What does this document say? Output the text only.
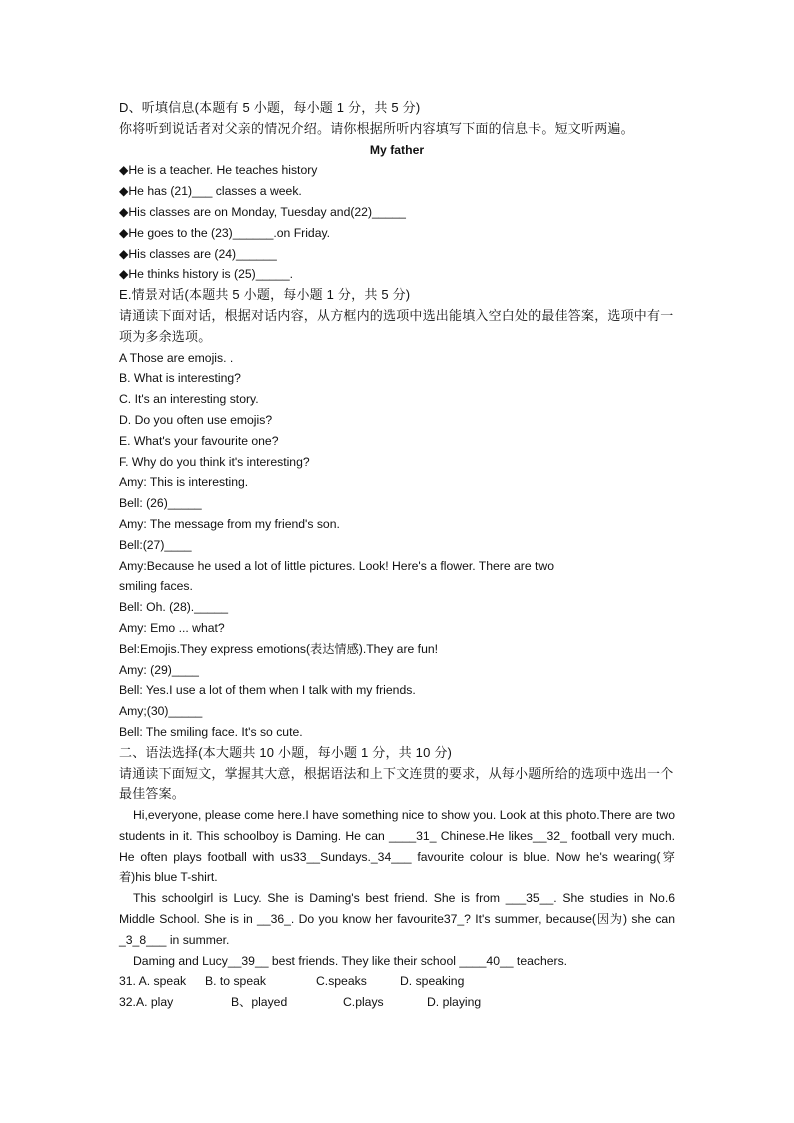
D、听填信息(本题有 5 小题，每小题 1 分，共 5 分)
你将听到说话者对父亲的情况介绍。请你根据所听内容填写下面的信息卡。短文听两遍。
My father
◆He is a teacher. He teaches history
◆He has (21)___ classes a week.
◆His classes are on Monday, Tuesday and(22)_____
◆He goes to the (23)______.on Friday.
◆His classes are (24)______
◆He thinks history is (25)_____.
E.情景对话(本题共 5 小题，每小题 1 分，共 5 分)
请通读下面对话，根据对话内容，从方框内的选项中选出能填入空白处的最佳答案，选项中有一项为多余选项。
A Those are emojis. .
B. What is interesting?
C. It's an interesting story.
D. Do you often use emojis?
E. What's your favourite one?
F. Why do you think it's interesting?
Amy: This is interesting.
Bell: (26)_____
Amy: The message from my friend's son.
Bell:(27)____
Amy:Because he used a lot of little pictures. Look! Here's a flower. There are two
smiling faces.
Bell: Oh. (28)._____
Amy: Emo ... what?
Bel:Emojis.They express emotions(表达情感).They are fun!
Amy: (29)____
Bell: Yes.I use a lot of them when I talk with my friends.
Amy;(30)_____
Bell: The smiling face. It's so cute.
二、语法选择(本大题共 10 小题，每小题 1 分，共 10 分)
请通读下面短文，掌握其大意，根据语法和上下文连贯的要求，从每小题所给的选项中选出一个最佳答案。
Hi,everyone, please come here.I have something nice to show you. Look at this photo.There are two students in it. This schoolboy is Daming. He can ____31_ Chinese.He likes__32_ football very much. He often plays football with us33__Sundays._34___ favourite colour is blue. Now he's wearing(穿着)his blue T-shirt.
This schoolgirl is Lucy. She is Daming's best friend. She is from ___35__. She studies in No.6 Middle School. She is in __36_. Do you know her favourite37_? It's summer, because(因为) she can _3_8___ in summer.
Daming and Lucy__39__ best friends. They like their school ____40__ teachers.
31. A. speak	B. to speak	C.speaks	D. speaking
32.A. play	B、played	C.plays	D. playing
